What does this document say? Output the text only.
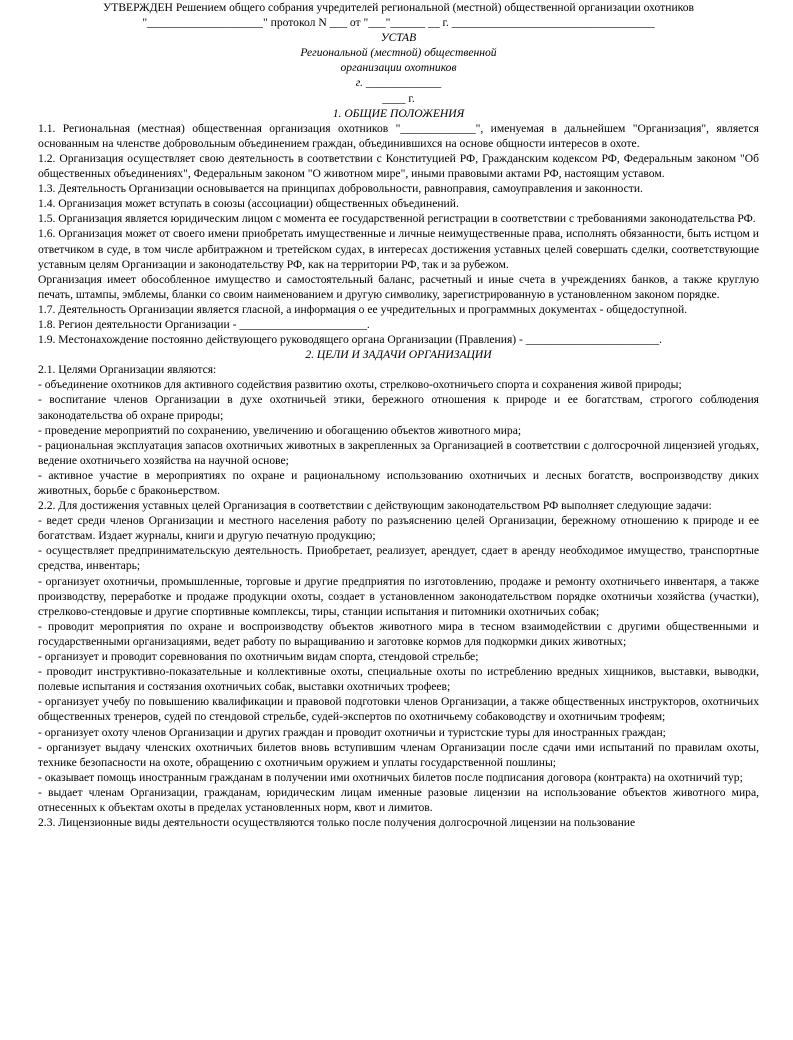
УТВЕРЖДЕН Решением общего собрания учредителей региональной (местной) общественной организации охотников
"____________________" протокол N ___ от "___"______ __ г. ___________________________________
УСТАВ
Региональной (местной) общественной
организации охотников
г. _____________
____ г.
1. ОБЩИЕ ПОЛОЖЕНИЯ

1.1. Региональная (местная) общественная организация охотников "_____________", именуемая в дальнейшем "Организация", является основанным на членстве добровольным объединением граждан, объединившихся на основе общности интересов в охоте.

1.2. Организация осуществляет свою деятельность в соответствии с Конституцией РФ, Гражданским кодексом РФ, Федеральным законом "Об общественных объединениях", Федеральным законом "О животном мире", иными правовыми актами РФ, настоящим уставом.

1.3. Деятельность Организации основывается на принципах добровольности, равноправия, самоуправления и законности.

1.4. Организация может вступать в союзы (ассоциации) общественных объединений.

1.5. Организация является юридическим лицом с момента ее государственной регистрации в соответствии с требованиями законодательства РФ.

1.6. Организация может от своего имени приобретать имущественные и личные неимущественные права, исполнять обязанности, быть истцом и ответчиком в суде, в том числе арбитражном и третейском судах, в интересах достижения уставных целей совершать сделки, соответствующие уставным целям Организации и законодательству РФ, как на территории РФ, так и за рубежом.

Организация имеет обособленное имущество и самостоятельный баланс, расчетный и иные счета в учреждениях банков, а также круглую печать, штампы, эмблемы, бланки со своим наименованием и другую символику, зарегистрированную в установленном законом порядке.

1.7. Деятельность Организации является гласной, а информация о ее учредительных и программных документах - общедоступной.

1.8. Регион деятельности Организации - ______________________.

1.9. Местонахождение постоянно действующего руководящего органа Организации (Правления) - _______________________.

2. ЦЕЛИ И ЗАДАЧИ ОРГАНИЗАЦИИ

2.1. Целями Организации являются:

- объединение охотников для активного содействия развитию охоты, стрелково-охотничьего спорта и сохранения живой природы;

- воспитание членов Организации в духе охотничьей этики, бережного отношения к природе и ее богатствам, строгого соблюдения законодательства об охране природы;

- проведение мероприятий по сохранению, увеличению и обогащению объектов животного мира;

- рациональная эксплуатация запасов охотничьих животных в закрепленных за Организацией в соответствии с долгосрочной лицензией угодьях, ведение охотничьего хозяйства на научной основе;

- активное участие в мероприятиях по охране и рациональному использованию охотничьих и лесных богатств, воспроизводству диких животных, борьбе с браконьерством.

2.2. Для достижения уставных целей Организация в соответствии с действующим законодательством РФ выполняет следующие задачи:

- ведет среди членов Организации и местного населения работу по разъяснению целей Организации, бережному отношению к природе и ее богатствам. Издает журналы, книги и другую печатную продукцию;

- осуществляет предпринимательскую деятельность. Приобретает, реализует, арендует, сдает в аренду необходимое имущество, транспортные средства, инвентарь;

- организует охотничьи, промышленные, торговые и другие предприятия по изготовлению, продаже и ремонту охотничьего инвентаря, а также производству, переработке и продаже продукции охоты, создает в установленном законодательством порядке охотничьи хозяйства (участки), стрелково-стендовые и другие спортивные комплексы, тиры, станции испытания и питомники охотничьих собак;

- проводит мероприятия по охране и воспроизводству объектов животного мира в тесном взаимодействии с другими общественными и государственными организациями, ведет работу по выращиванию и заготовке кормов для подкормки диких животных;

- организует и проводит соревнования по охотничьим видам спорта, стендовой стрельбе;

- проводит инструктивно-показательные и коллективные охоты, специальные охоты по истреблению вредных хищников, выставки, выводки, полевые испытания и состязания охотничьих собак, выставки охотничьих трофеев;

- организует учебу по повышению квалификации и правовой подготовки членов Организации, а также общественных инструкторов, охотничьих общественных тренеров, судей по стендовой стрельбе, судей-экспертов по охотничьему собаководству и охотничьим трофеям;

- организует охоту членов Организации и других граждан и проводит охотничьи и туристские туры для иностранных граждан;

- организует выдачу членских охотничьих билетов вновь вступившим членам Организации после сдачи ими испытаний по правилам охоты, технике безопасности на охоте, обращению с охотничьим оружием и уплаты государственной пошлины;

- оказывает помощь иностранным гражданам в получении ими охотничьих билетов после подписания договора (контракта) на охотничий тур;

- выдает членам Организации, гражданам, юридическим лицам именные разовые лицензии на использование объектов животного мира, отнесенных к объектам охоты в пределах установленных норм, квот и лимитов.

2.3. Лицензионные виды деятельности осуществляются только после получения долгосрочной лицензии на пользование
